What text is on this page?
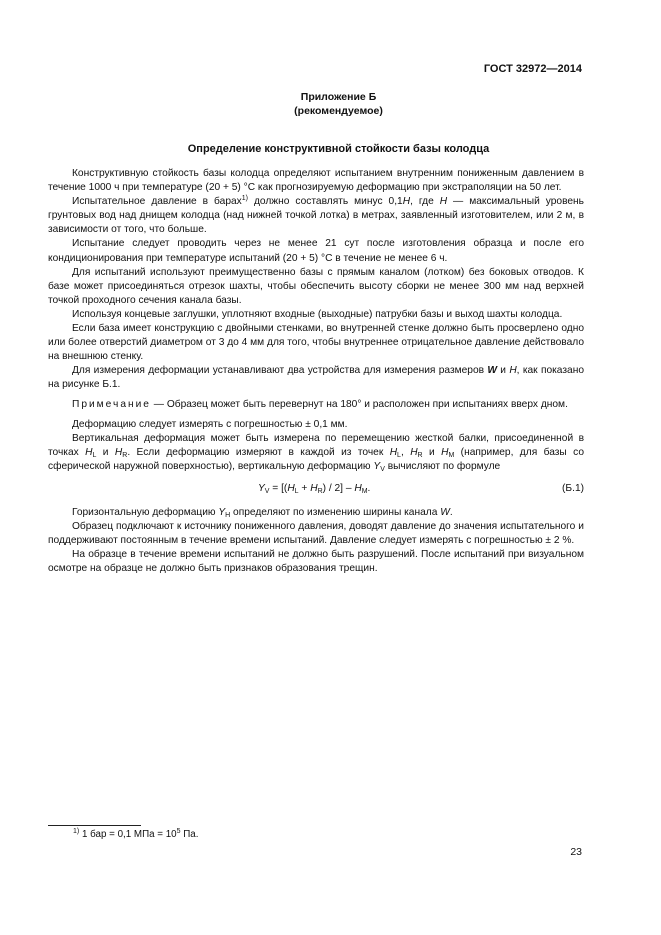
ГОСТ 32972—2014
Приложение Б
(рекомендуемое)
Определение конструктивной стойкости базы колодца

Конструктивную стойкость базы колодца определяют испытанием внутренним пониженным давлением в течение 1000 ч при температуре (20 + 5) °C как прогнозируемую деформацию при экстраполяции на 50 лет.

Испытательное давление в барах$^{1)}$ должно составлять минус 0,1H, где H — максимальный уровень грунтовых вод над днищем колодца (над нижней точкой лотка) в метрах, заявленный изготовителем, или 2 м, в зависимости от того, что больше.

Испытание следует проводить через не менее 21 сут после изготовления образца и после его кондиционирования при температуре испытаний (20 + 5) °C в течение не менее 6 ч.

Для испытаний используют преимущественно базы с прямым каналом (лотком) без боковых отводов. К базе может присоединяться отрезок шахты, чтобы обеспечить высоту сборки не менее 300 мм над верхней точкой проходного сечения канала базы.

Используя концевые заглушки, уплотняют входные (выходные) патрубки базы и выход шахты колодца.

Если база имеет конструкцию с двойными стенками, во внутренней стенке должно быть просверлено одно или более отверстий диаметром от 3 до 4 мм для того, чтобы внутреннее отрицательное давление действовало на внешнюю стенку.

Для измерения деформации устанавливают два устройства для измерения размеров W и H, как показано на рисунке Б.1.

Примечание — Образец может быть перевернут на 180° и расположен при испытаниях вверх дном.

Деформацию следует измерять с погрешностью ± 0,1 мм.

Вертикальная деформация может быть измерена по перемещению жесткой балки, присоединенной в точках $H_L$ и $H_R$. Если деформацию измеряют в каждой из точек $H_L$, $H_R$ и $H_M$ (например, для базы со сферической наружной поверхностью), вертикальную деформацию $Y_V$ вычисляют по формуле

$Y_V = [(H_L + H_R) / 2] - H_M$.	(Б.1)

Горизонтальную деформацию $Y_H$ определяют по изменению ширины канала W.

Образец подключают к источнику пониженного давления, доводят давление до значения испытательного и поддерживают постоянным в течение времени испытаний. Давление следует измерять с погрешностью ± 2 %.

На образце в течение времени испытаний не должно быть разрушений. После испытаний при визуальном осмотре на образце не должно быть признаков образования трещин.

$^{1)}$ 1 бар = 0,1 МПа = $10^5$ Па.
23
